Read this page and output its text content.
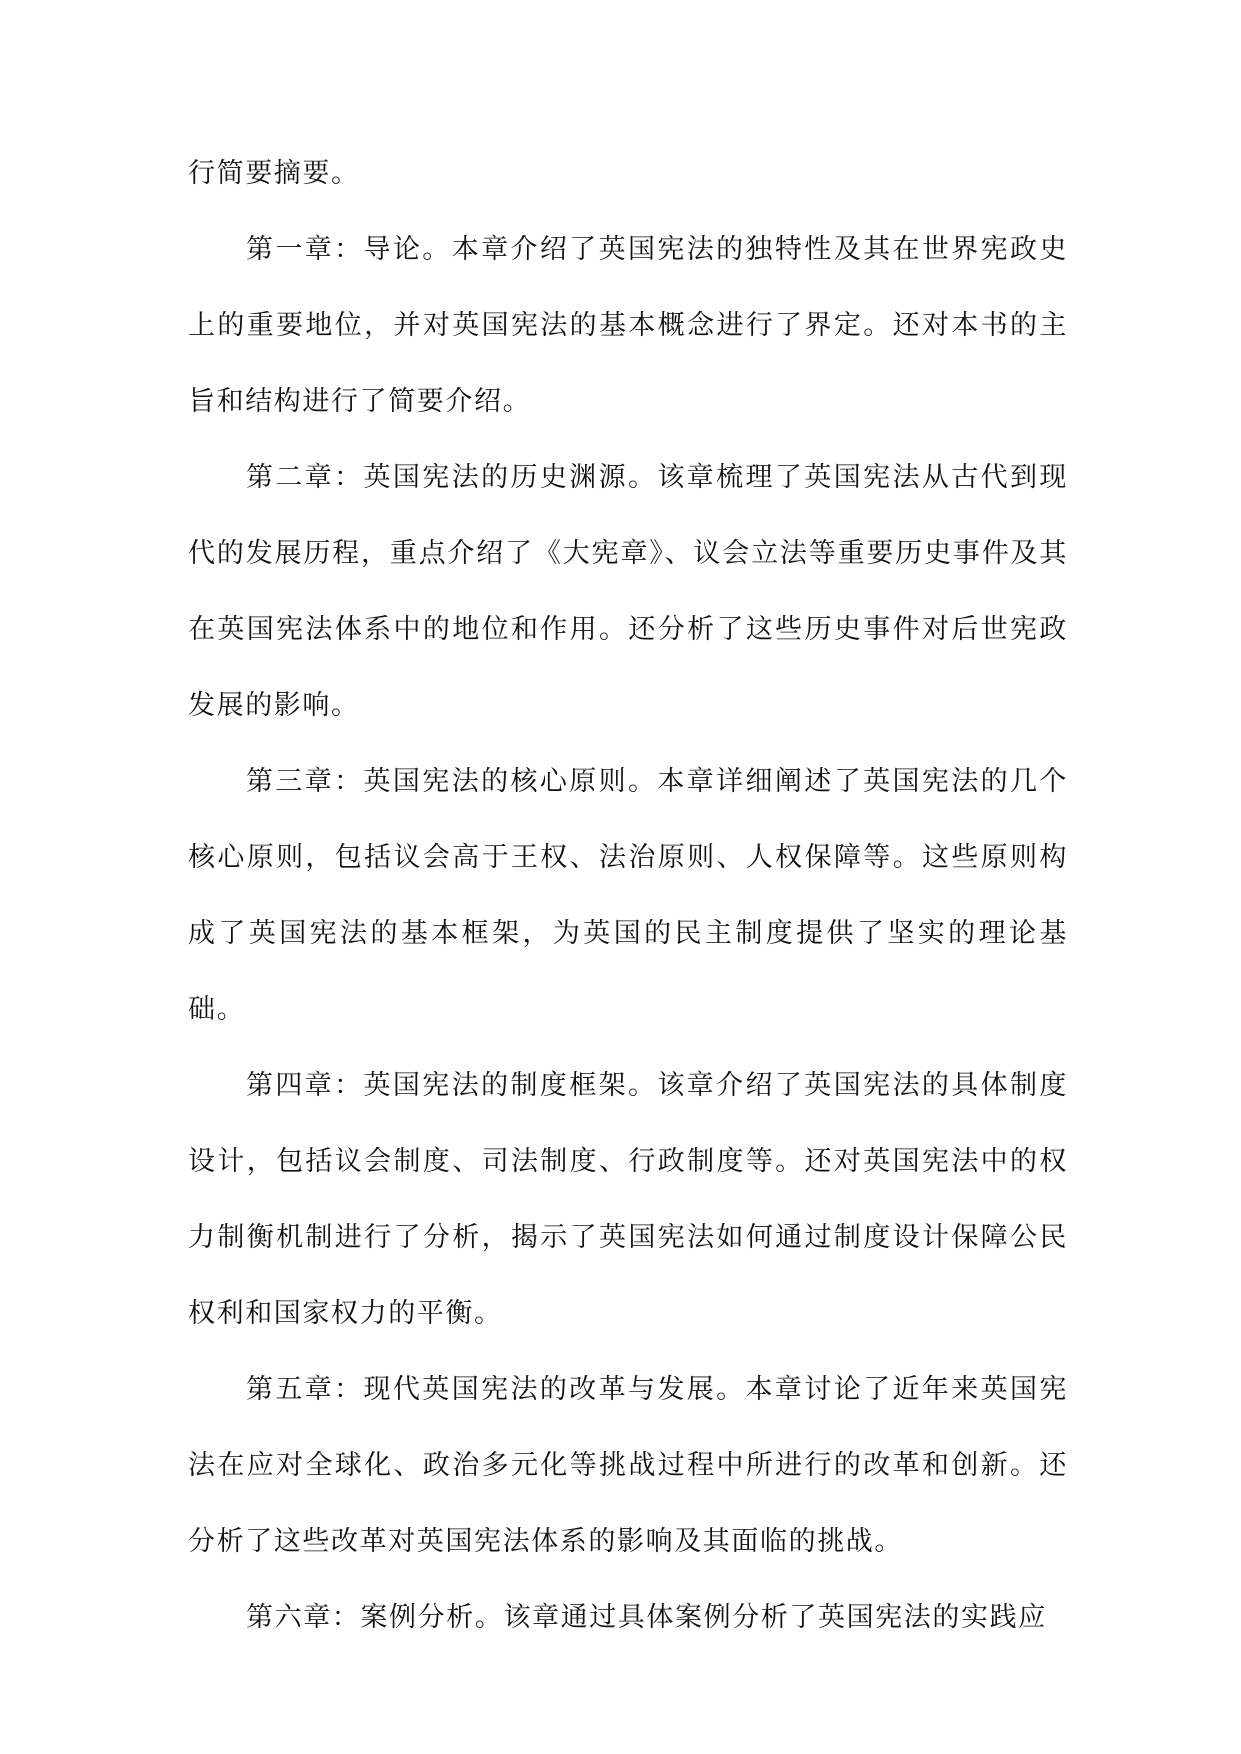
行简要摘要。

第一章：导论。本章介绍了英国宪法的独特性及其在世界宪政史上的重要地位，并对英国宪法的基本概念进行了界定。还对本书的主旨和结构进行了简要介绍。

第二章：英国宪法的历史渊源。该章梳理了英国宪法从古代到现代的发展历程，重点介绍了《大宪章》、议会立法等重要历史事件及其在英国宪法体系中的地位和作用。还分析了这些历史事件对后世宪政发展的影响。

第三章：英国宪法的核心原则。本章详细阐述了英国宪法的几个核心原则，包括议会高于王权、法治原则、人权保障等。这些原则构成了英国宪法的基本框架，为英国的民主制度提供了坚实的理论基础。

第四章：英国宪法的制度框架。该章介绍了英国宪法的具体制度设计，包括议会制度、司法制度、行政制度等。还对英国宪法中的权力制衡机制进行了分析，揭示了英国宪法如何通过制度设计保障公民权利和国家权力的平衡。

第五章：现代英国宪法的改革与发展。本章讨论了近年来英国宪法在应对全球化、政治多元化等挑战过程中所进行的改革和创新。还分析了这些改革对英国宪法体系的影响及其面临的挑战。

第六章：案例分析。该章通过具体案例分析了英国宪法的实践应
